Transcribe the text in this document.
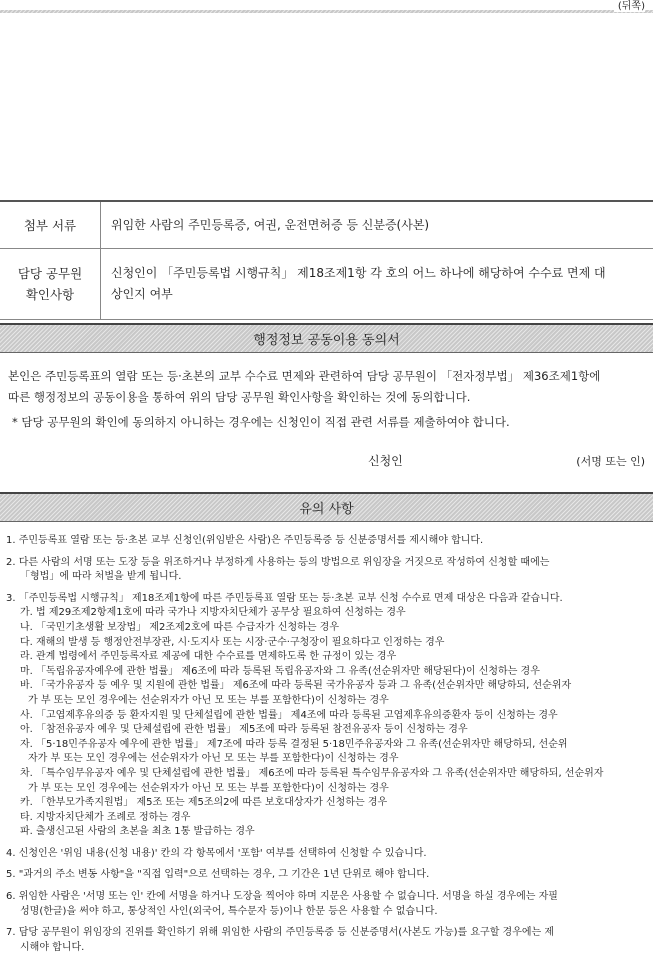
(뒤쪽)
첨부 서류	위임한 사람의 주민등록증, 여권, 운전면허증 등 신분증(사본)
담당 공무원
확인사항
신청인이 「주민등록법 시행규칙」 제18조제1항 각 호의 어느 하나에 해당하여 수수료 면제 대
상인지 여부
행정정보 공동이용 동의서
본인은 주민등록표의 열람 또는 등·초본의 교부 수수료 면제와 관련하여 담당 공무원이 「전자정부법」 제36조제1항에
따른 행정정보의 공동이용을 통하여 위의 담당 공무원 확인사항을 확인하는 것에 동의합니다.
* 담당 공무원의 확인에 동의하지 아니하는 경우에는 신청인이 직접 관련 서류를 제출하여야 합니다.
신청인	(서명 또는 인)
유의 사항
1. 주민등록표 열람 또는 등·초본 교부 신청인(위임받은 사람)은 주민등록증 등 신분증명서를 제시해야 합니다.
2. 다른 사람의 서명 또는 도장 등을 위조하거나 부정하게 사용하는 등의 방법으로 위임장을 거짓으로 작성하여 신청할 때에는
「형법」에 따라 처벌을 받게 됩니다.
3. 「주민등록법 시행규칙」 제18조제1항에 따른 주민등록표 열람 또는 등·초본 교부 신청 수수료 면제 대상은 다음과 같습니다.
가. 법 제29조제2항제1호에 따라 국가나 지방자치단체가 공무상 필요하여 신청하는 경우
나. 「국민기초생활 보장법」 제2조제2호에 따른 수급자가 신청하는 경우
다. 재해의 발생 등 행정안전부장관, 시·도지사 또는 시장·군수·구청장이 필요하다고 인정하는 경우
라. 관계 법령에서 주민등록자료 제공에 대한 수수료를 면제하도록 한 규정이 있는 경우
마. 「독립유공자예우에 관한 법률」 제6조에 따라 등록된 독립유공자와 그 유족(선순위자만 해당된다)이 신청하는 경우
바. 「국가유공자 등 예우 및 지원에 관한 법률」 제6조에 따라 등록된 국가유공자 등과 그 유족(선순위자만 해당하되, 선순위자
가 부 또는 모인 경우에는 선순위자가 아닌 모 또는 부를 포함한다)이 신청하는 경우
사. 「고엽제후유의증 등 환자지원 및 단체설립에 관한 법률」 제4조에 따라 등록된 고엽제후유의증환자 등이 신청하는 경우
아. 「참전유공자 예우 및 단체설립에 관한 법률」 제5조에 따라 등록된 참전유공자 등이 신청하는 경우
자. 「5·18민주유공자 예우에 관한 법률」 제7조에 따라 등록 결정된 5·18민주유공자와 그 유족(선순위자만 해당하되, 선순위
자가 부 또는 모인 경우에는 선순위자가 아닌 모 또는 부를 포함한다)이 신청하는 경우
차. 「특수임무유공자 예우 및 단체설립에 관한 법률」 제6조에 따라 등록된 특수임무유공자와 그 유족(선순위자만 해당하되, 선순위자
가 부 또는 모인 경우에는 선순위자가 아닌 모 또는 부를 포함한다)이 신청하는 경우
카. 「한부모가족지원법」 제5조 또는 제5조의2에 따른 보호대상자가 신청하는 경우
타. 지방자치단체가 조례로 정하는 경우
파. 출생신고된 사람의 초본을 최초 1통 발급하는 경우
4. 신청인은 '위임 내용(신청 내용)' 칸의 각 항목에서 '포함' 여부를 선택하여 신청할 수 있습니다.
5. "과거의 주소 변동 사항"을 "직접 입력"으로 선택하는 경우, 그 기간은 1년 단위로 해야 합니다.
6. 위임한 사람은 '서명 또는 인' 칸에 서명을 하거나 도장을 찍어야 하며 지문은 사용할 수 없습니다. 서명을 하실 경우에는 자필
성명(한글)을 써야 하고, 통상적인 사인(외국어, 특수문자 등)이나 한문 등은 사용할 수 없습니다.
7. 담당 공무원이 위임장의 진위를 확인하기 위해 위임한 사람의 주민등록증 등 신분증명서(사본도 가능)를 요구할 경우에는 제
시해야 합니다.
